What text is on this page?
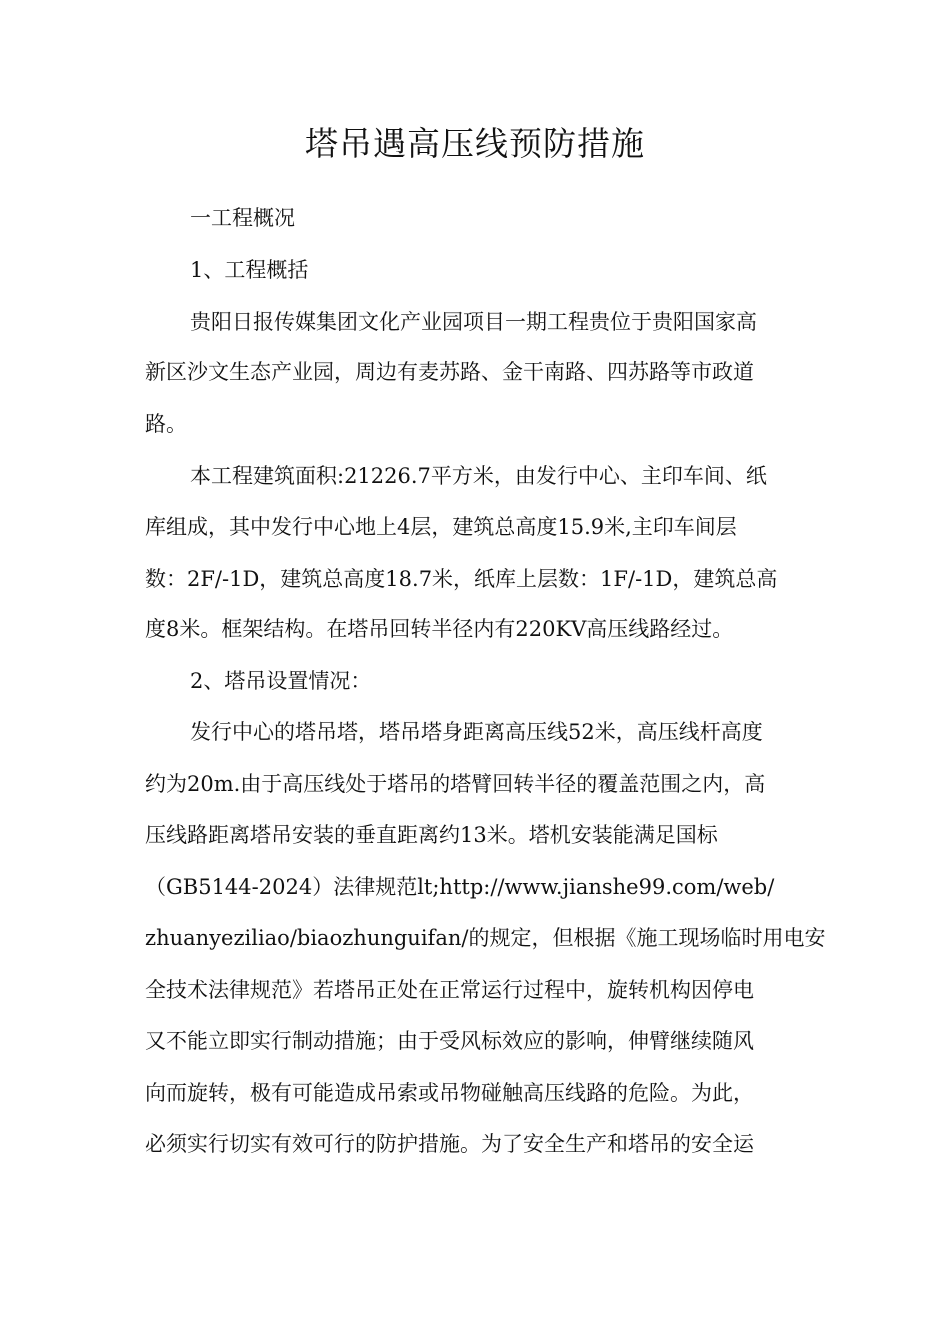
塔吊遇高压线预防措施

一工程概况

1、工程概括

贵阳日报传媒集团文化产业园项目一期工程贵位于贵阳国家高

新区沙文生态产业园，周边有麦苏路、金干南路、四苏路等市政道

路。

本工程建筑面积:21226.7平方米，由发行中心、主印车间、纸

库组成，其中发行中心地上4层，建筑总高度15.9米,主印车间层

数：2F/-1D，建筑总高度18.7米，纸库上层数：1F/-1D，建筑总高

度8米。框架结构。在塔吊回转半径内有220KV高压线路经过。

2、塔吊设置情况：

发行中心的塔吊塔，塔吊塔身距离高压线52米，高压线杆高度

约为20m.由于高压线处于塔吊的塔臂回转半径的覆盖范围之内，高

压线路距离塔吊安装的垂直距离约13米。塔机安装能满足国标

（GB5144-2024）法律规范lt;http://www.jianshe99.com/web/

zhuanyeziliao/biaozhunguifan/的规定，但根据《施工现场临时用电安

全技术法律规范》若塔吊正处在正常运行过程中，旋转机构因停电

又不能立即实行制动措施；由于受风标效应的影响，伸臂继续随风

向而旋转，极有可能造成吊索或吊物碰触高压线路的危险。为此，

必须实行切实有效可行的防护措施。为了安全生产和塔吊的安全运
